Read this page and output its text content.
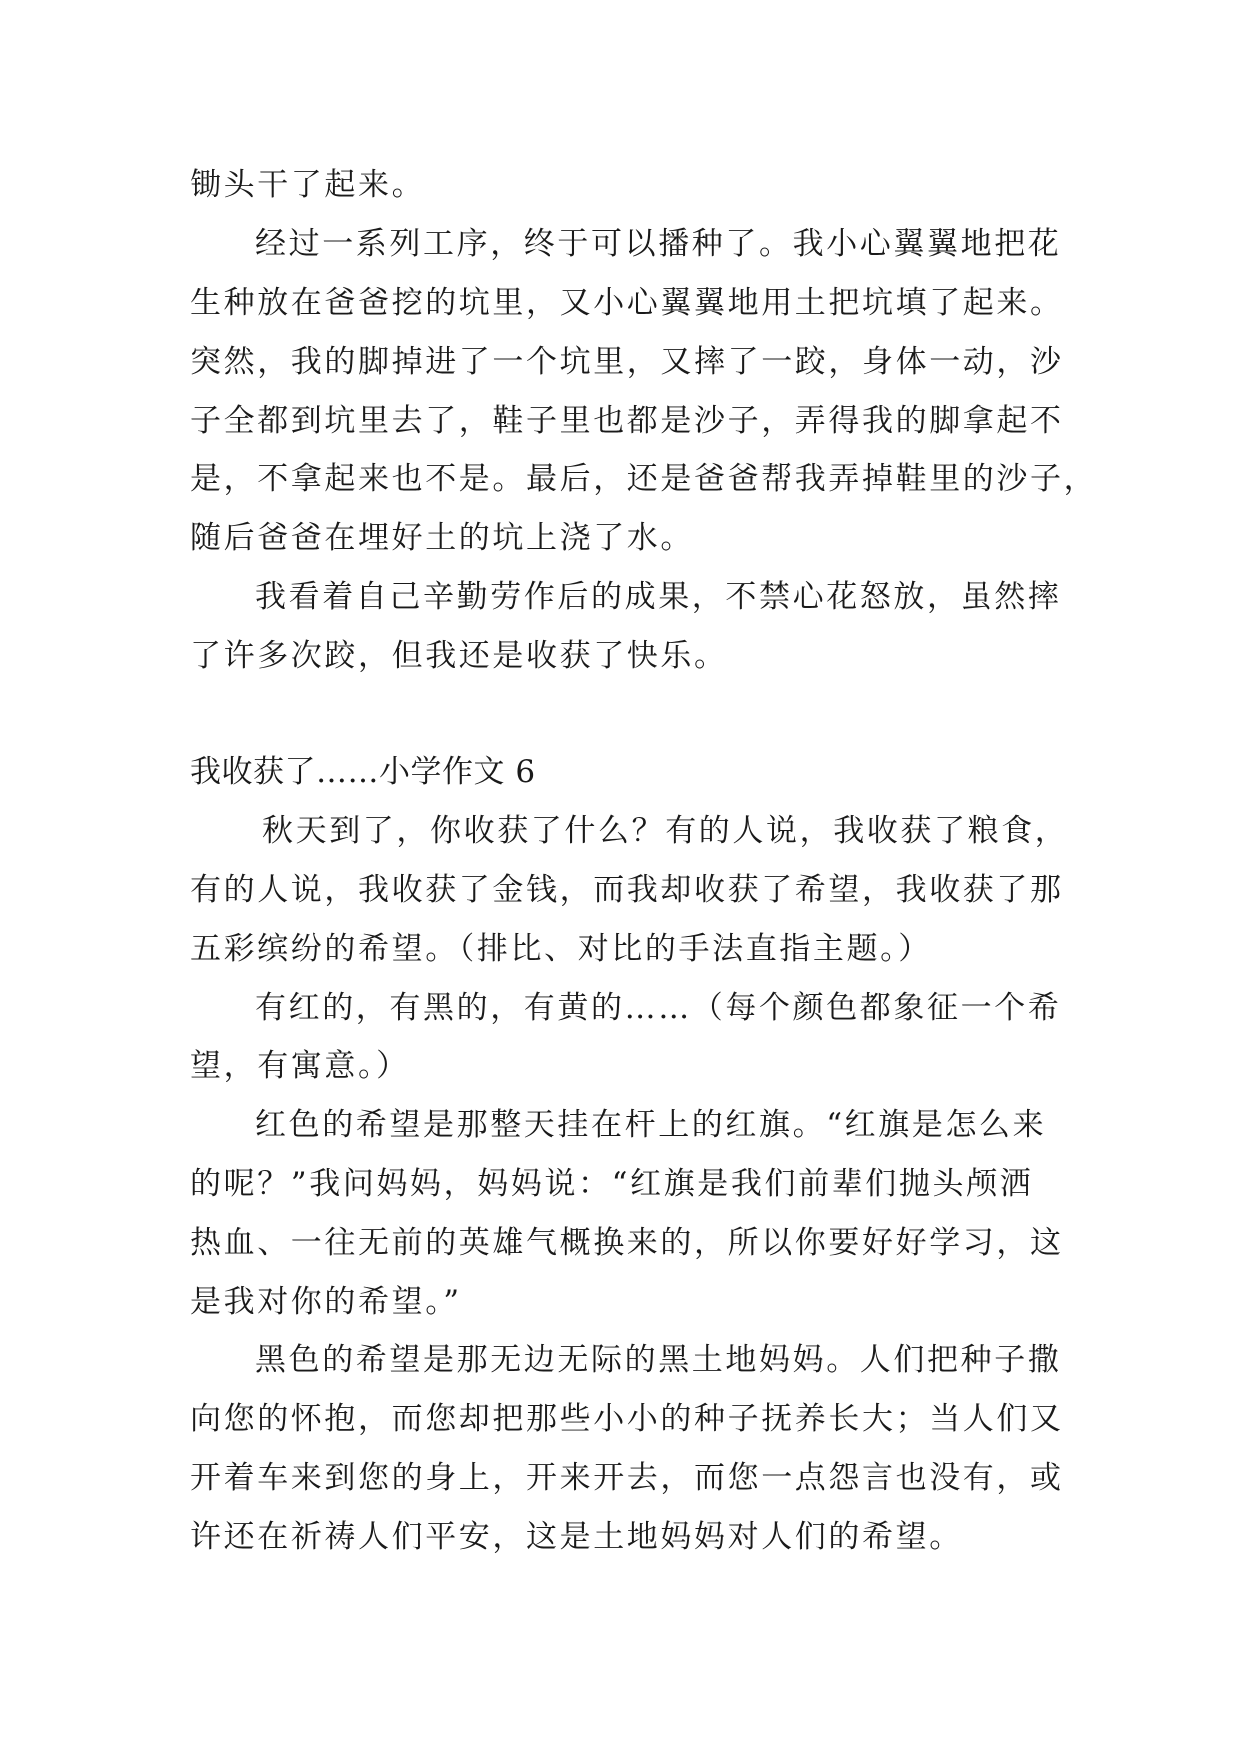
锄头干了起来。
经过一系列工序，终于可以播种了。我小心翼翼地把花
生种放在爸爸挖的坑里，又小心翼翼地用土把坑填了起来。
突然，我的脚掉进了一个坑里，又摔了一跤，身体一动，沙
子全都到坑里去了，鞋子里也都是沙子，弄得我的脚拿起不
是，不拿起来也不是。最后，还是爸爸帮我弄掉鞋里的沙子，
随后爸爸在埋好土的坑上浇了水。
我看着自己辛勤劳作后的成果，不禁心花怒放，虽然摔
了许多次跤，但我还是收获了快乐。
我收获了……小学作文 6
秋天到了，你收获了什么？有的人说，我收获了粮食，
有的人说，我收获了金钱，而我却收获了希望，我收获了那
五彩缤纷的希望。（排比、对比的手法直指主题。）
有红的，有黑的，有黄的……（每个颜色都象征一个希
望，有寓意。）
红色的希望是那整天挂在杆上的红旗。“红旗是怎么来
的呢？”我问妈妈，妈妈说：“红旗是我们前辈们抛头颅洒
热血、一往无前的英雄气概换来的，所以你要好好学习，这
是我对你的希望。”
黑色的希望是那无边无际的黑土地妈妈。人们把种子撒
向您的怀抱，而您却把那些小小的种子抚养长大；当人们又
开着车来到您的身上，开来开去，而您一点怨言也没有，或
许还在祈祷人们平安，这是土地妈妈对人们的希望。
